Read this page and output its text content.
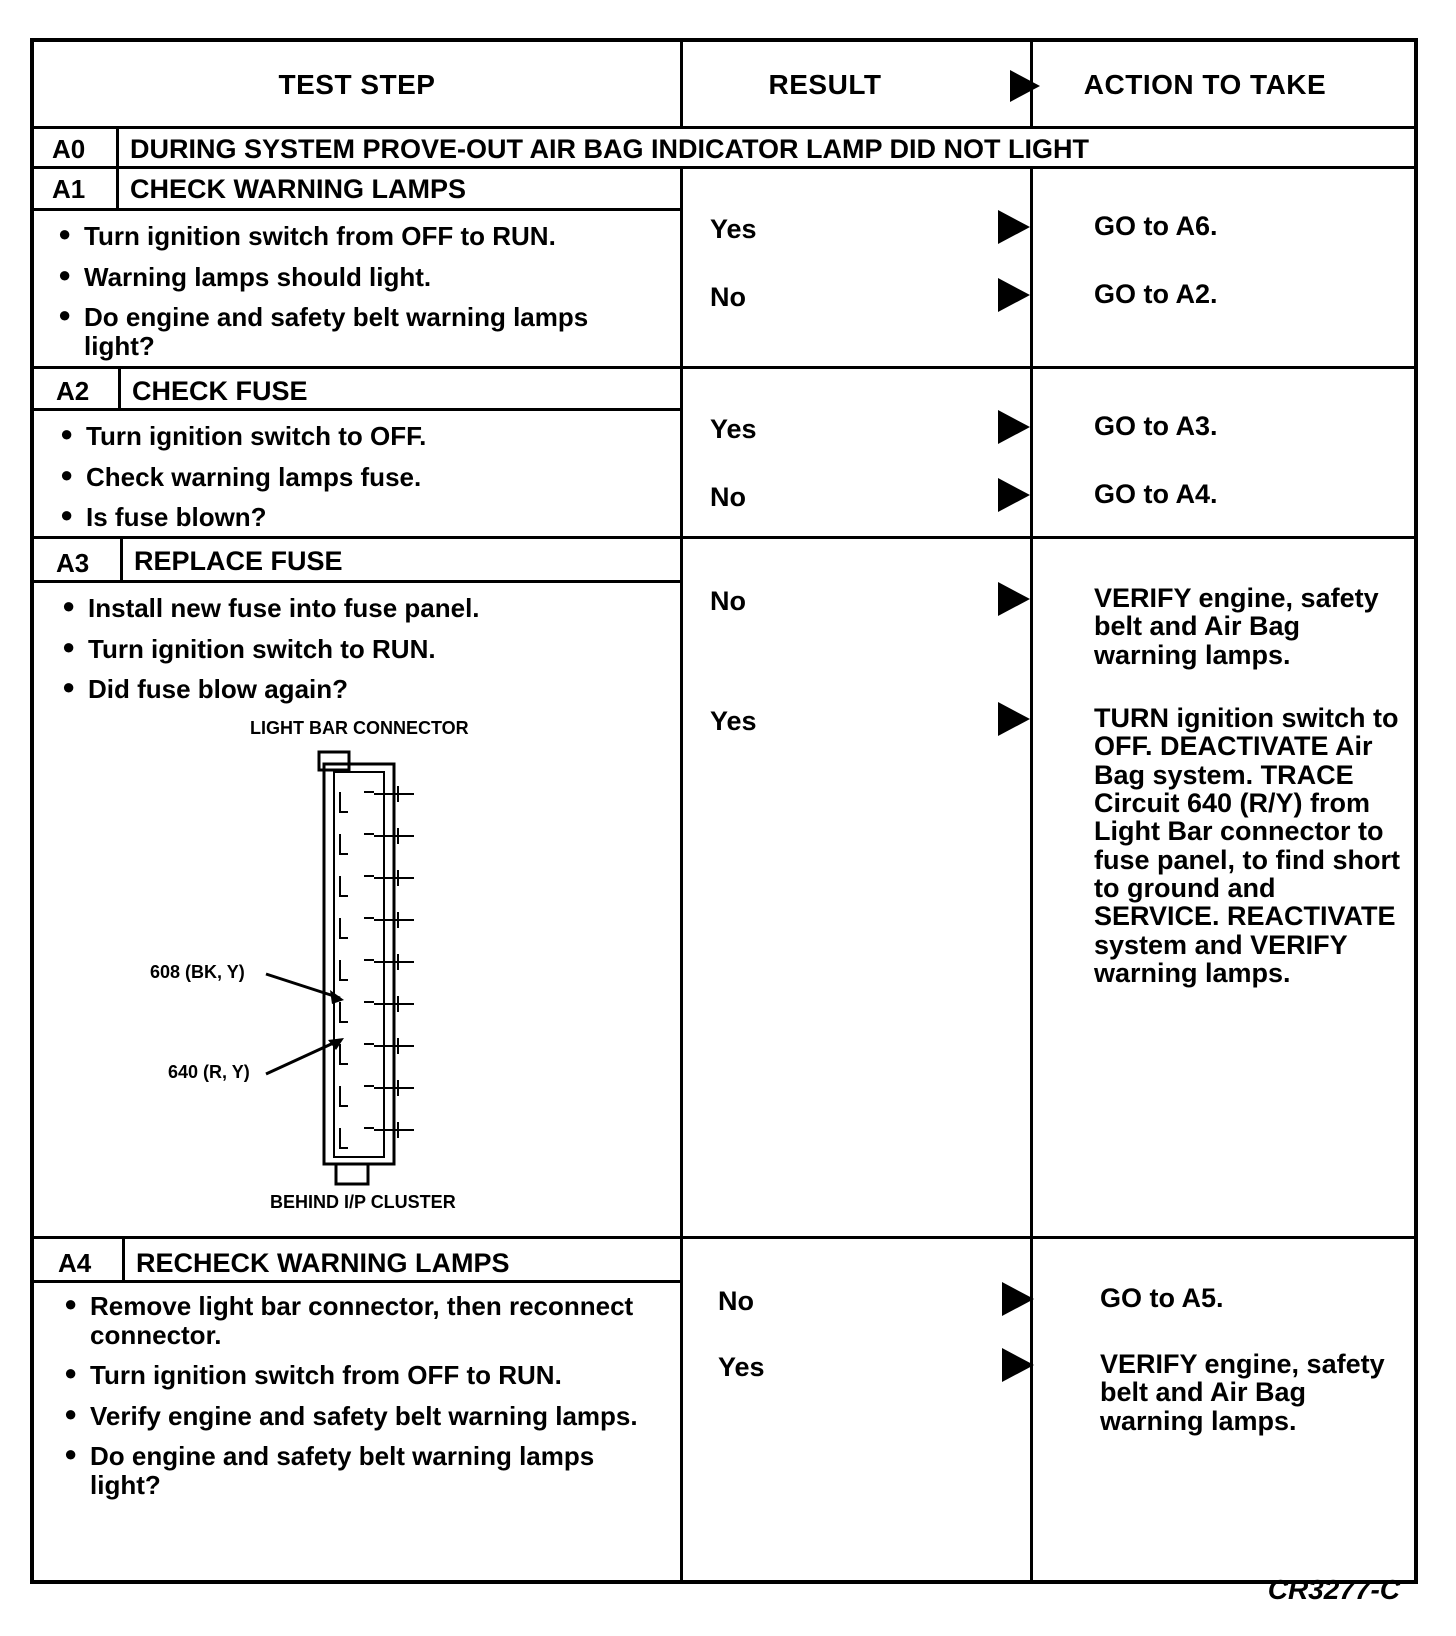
TEST STEP	RESULT	ACTION TO TAKE
A0 DURING SYSTEM PROVE-OUT AIR BAG INDICATOR LAMP DID NOT LIGHT
A1 CHECK WARNING LAMPS
● Turn ignition switch from OFF to RUN.
● Warning lamps should light.
● Do engine and safety belt warning lamps light?
Yes	GO to A6.
No	GO to A2.
A2 CHECK FUSE
● Turn ignition switch to OFF.
● Check warning lamps fuse.
● Is fuse blown?
Yes	GO to A3.
No	GO to A4.
A3 REPLACE FUSE
● Install new fuse into fuse panel.
● Turn ignition switch to RUN.
● Did fuse blow again?
LIGHT BAR CONNECTOR
608 (BK, Y)
640 (R, Y)
BEHIND I/P CLUSTER
No	VERIFY engine, safety belt and Air Bag warning lamps.
Yes	TURN ignition switch to OFF. DEACTIVATE Air Bag system. TRACE Circuit 640 (R/Y) from Light Bar connector to fuse panel, to find short to ground and SERVICE. REACTIVATE system and VERIFY warning lamps.
A4 RECHECK WARNING LAMPS
● Remove light bar connector, then reconnect connector.
● Turn ignition switch from OFF to RUN.
● Verify engine and safety belt warning lamps.
● Do engine and safety belt warning lamps light?
No	GO to A5.
Yes	VERIFY engine, safety belt and Air Bag warning lamps.
CR3277-C
